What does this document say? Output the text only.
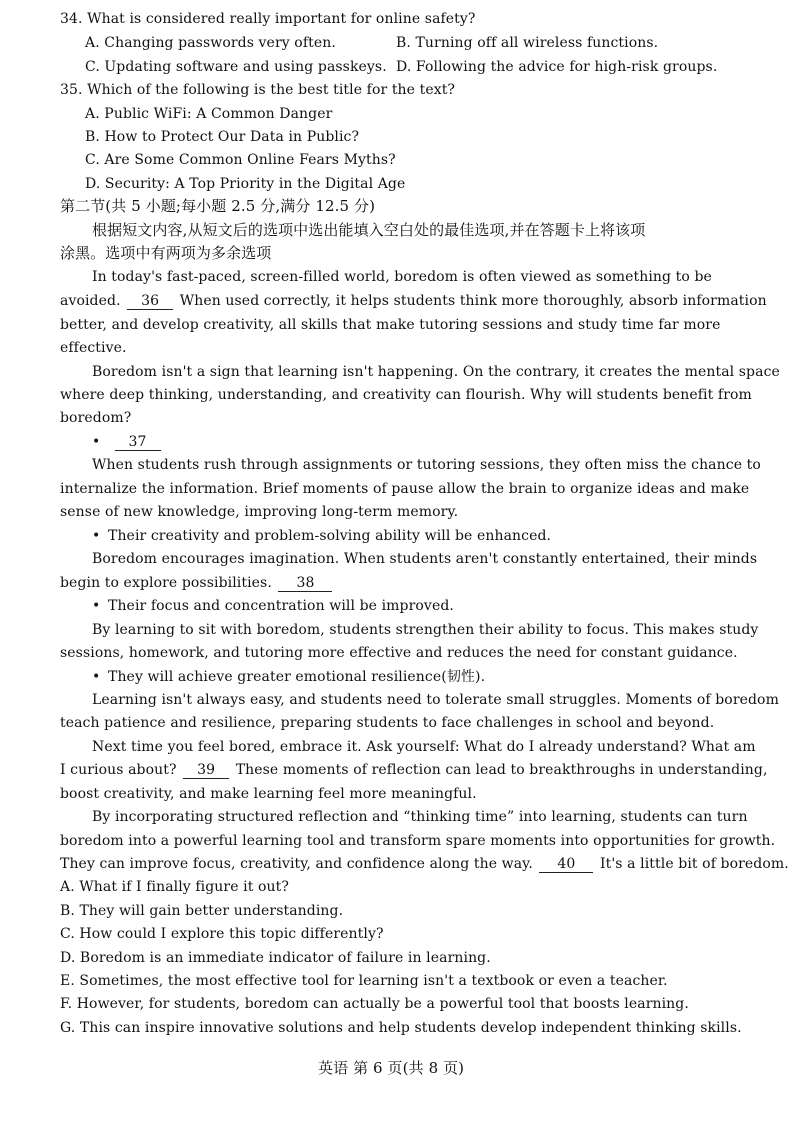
34. What is considered really important for online safety?
A. Changing passwords very often.	B. Turning off all wireless functions.
C. Updating software and using passkeys. D. Following the advice for high-risk groups.
35. Which of the following is the best title for the text?
A. Public WiFi: A Common Danger
B. How to Protect Our Data in Public?
C. Are Some Common Online Fears Myths?
D. Security: A Top Priority in the Digital Age
第二节(共 5 小题;每小题 2.5 分,满分 12.5 分)
根据短文内容,从短文后的选项中选出能填入空白处的最佳选项,并在答题卡上将该项
涂黑。选项中有两项为多余选项
In today's fast-paced, screen-filled world, boredom is often viewed as something to be
avoided. 36 When used correctly, it helps students think more thoroughly, absorb information
better, and develop creativity, all skills that make tutoring sessions and study time far more
effective.
Boredom isn't a sign that learning isn't happening. On the contrary, it creates the mental space
where deep thinking, understanding, and creativity can flourish. Why will students benefit from
boredom?
• 37
When students rush through assignments or tutoring sessions, they often miss the chance to
internalize the information. Brief moments of pause allow the brain to organize ideas and make
sense of new knowledge, improving long-term memory.
• Their creativity and problem-solving ability will be enhanced.
Boredom encourages imagination. When students aren't constantly entertained, their minds
begin to explore possibilities. 38
• Their focus and concentration will be improved.
By learning to sit with boredom, students strengthen their ability to focus. This makes study
sessions, homework, and tutoring more effective and reduces the need for constant guidance.
• They will achieve greater emotional resilience(韧性).
Learning isn't always easy, and students need to tolerate small struggles. Moments of boredom
teach patience and resilience, preparing students to face challenges in school and beyond.
Next time you feel bored, embrace it. Ask yourself: What do I already understand? What am
I curious about? 39 These moments of reflection can lead to breakthroughs in understanding,
boost creativity, and make learning feel more meaningful.
By incorporating structured reflection and “thinking time” into learning, students can turn
boredom into a powerful learning tool and transform spare moments into opportunities for growth.
They can improve focus, creativity, and confidence along the way. 40 It's a little bit of boredom.
A. What if I finally figure it out?
B. They will gain better understanding.
C. How could I explore this topic differently?
D. Boredom is an immediate indicator of failure in learning.
E. Sometimes, the most effective tool for learning isn't a textbook or even a teacher.
F. However, for students, boredom can actually be a powerful tool that boosts learning.
G. This can inspire innovative solutions and help students develop independent thinking skills.
英语 第 6 页(共 8 页)
